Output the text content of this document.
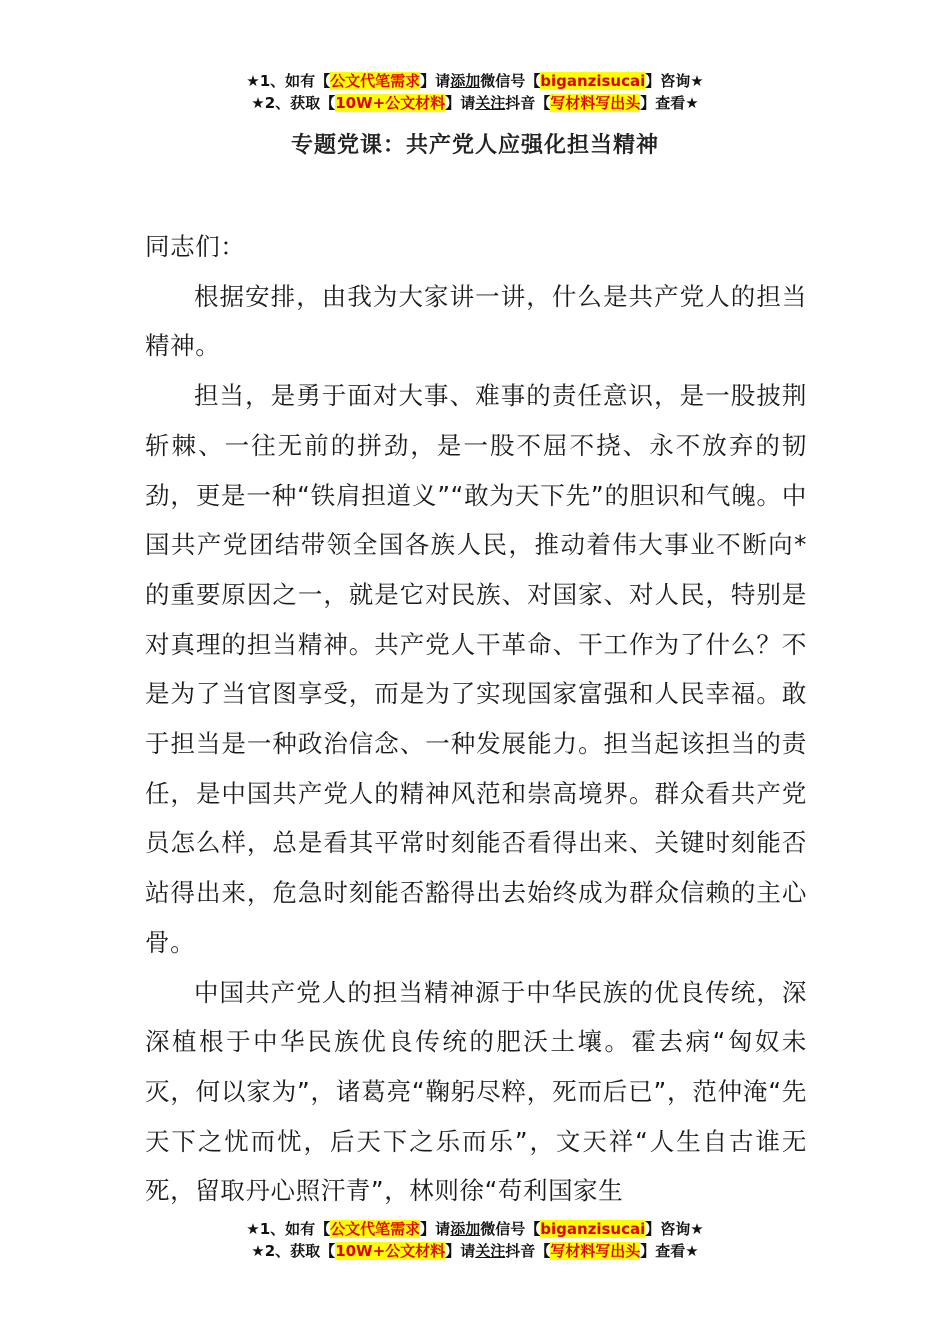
★1、如有【公文代笔需求】请添加微信号【biganzisucai】咨询★
★2、获取【10W+公文材料】请关注抖音【写材料写出头】查看★
专题党课：共产党人应强化担当精神

同志们：

根据安排，由我为大家讲一讲，什么是共产党人的担当精神。

担当，是勇于面对大事、难事的责任意识，是一股披荆斩棘、一往无前的拼劲，是一股不屈不挠、永不放弃的韧劲，更是一种“铁肩担道义”“敢为天下先”的胆识和气魄。中国共产党团结带领全国各族人民，推动着伟大事业不断向*的重要原因之一，就是它对民族、对国家、对人民，特别是对真理的担当精神。共产党人干革命、干工作为了什么？不是为了当官图享受，而是为了实现国家富强和人民幸福。敢于担当是一种政治信念、一种发展能力。担当起该担当的责任，是中国共产党人的精神风范和崇高境界。群众看共产党员怎么样，总是看其平常时刻能否看得出来、关键时刻能否站得出来，危急时刻能否豁得出去始终成为群众信赖的主心骨。

中国共产党人的担当精神源于中华民族的优良传统，深深植根于中华民族优良传统的肥沃土壤。霍去病“匈奴未灭，何以家为”，诸葛亮“鞠躬尽粹，死而后已”，范仲淹“先天下之忧而忧，后天下之乐而乐”，文天祥“人生自古谁无死，留取丹心照汗青”，林则徐“苟利国家生

★1、如有【公文代笔需求】请添加微信号【biganzisucai】咨询★
★2、获取【10W+公文材料】请关注抖音【写材料写出头】查看★
